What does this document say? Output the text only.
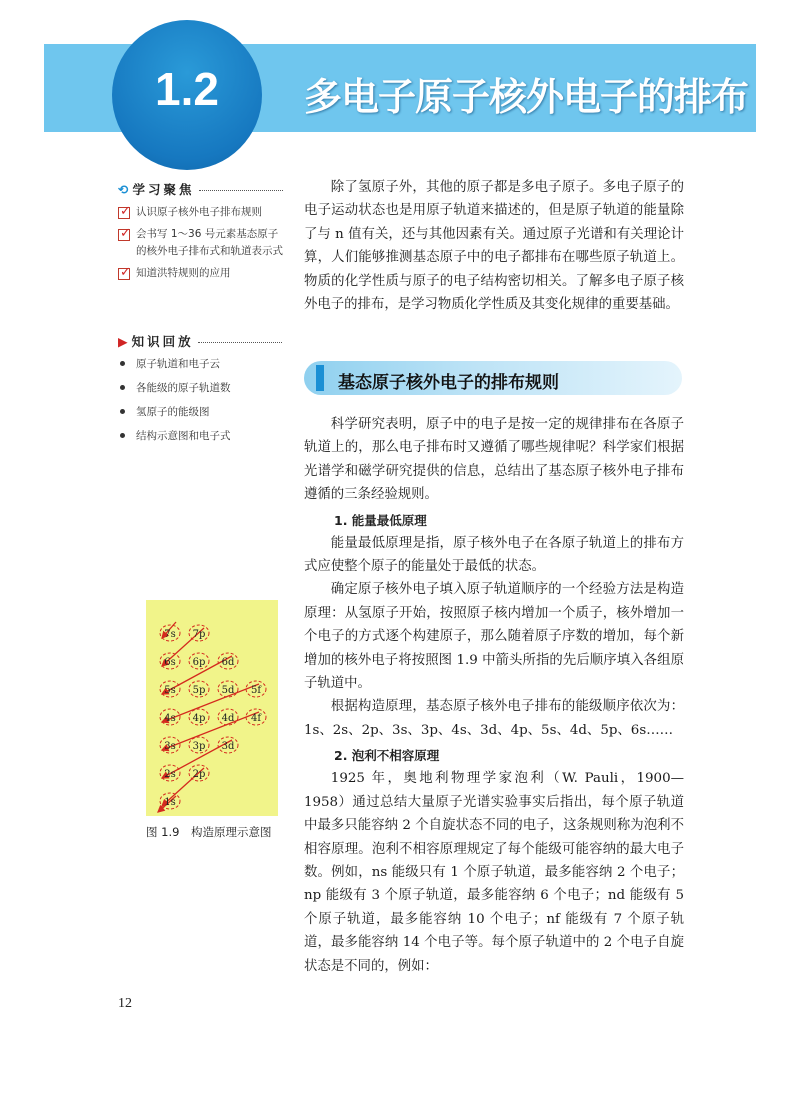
1.2	多电子原子核外电子的排布
⟲ 学习聚焦
✓ 认识原子核外电子排布规则
✓ 会书写 1～36 号元素基态原子的核外电子排布式和轨道表示式
✓ 知道洪特规则的应用
▶ 知识回放
原子轨道和电子云
各能级的原子轨道数
氢原子的能级图
结构示意图和电子式

除了氢原子外，其他的原子都是多电子原子。多电子原子的电子运动状态也是用原子轨道来描述的，但是原子轨道的能量除了与 n 值有关，还与其他因素有关。通过原子光谱和有关理论计算，人们能够推测基态原子中的电子都排布在哪些原子轨道上。物质的化学性质与原子的电子结构密切相关。了解多电子原子核外电子的排布，是学习物质化学性质及其变化规律的重要基础。

基态原子核外电子的排布规则

科学研究表明，原子中的电子是按一定的规律排布在各原子轨道上的，那么电子排布时又遵循了哪些规律呢？科学家们根据光谱学和磁学研究提供的信息，总结出了基态原子核外电子排布遵循的三条经验规则。

1. 能量最低原理

能量最低原理是指，原子核外电子在各原子轨道上的排布方式应使整个原子的能量处于最低的状态。

确定原子核外电子填入原子轨道顺序的一个经验方法是构造原理：从氢原子开始，按照原子核内增加一个质子，核外增加一个电子的方式逐个构建原子，那么随着原子序数的增加，每个新增加的核外电子将按照图 1.9 中箭头所指的先后顺序填入各组原子轨道中。

根据构造原理，基态原子核外电子排布的能级顺序依次为：1s、2s、2p、3s、3p、4s、3d、4p、5s、4d、5p、6s……

2. 泡利不相容原理

1925 年，奥地利物理学家泡利（W. Pauli，1900—1958）通过总结大量原子光谱实验事实后指出，每个原子轨道中最多只能容纳 2 个自旋状态不同的电子，这条规则称为泡利不相容原理。泡利不相容原理规定了每个能级可能容纳的最大电子数。例如，ns 能级只有 1 个原子轨道，最多能容纳 2 个电子；np 能级有 3 个原子轨道，最多能容纳 6 个电子；nd 能级有 5 个原子轨道，最多能容纳 10 个电子；nf 能级有 7 个原子轨道，最多能容纳 14 个电子等。每个原子轨道中的 2 个电子自旋状态是不同的，例如：

7s 7p
6s 6p 6d
5s 5p 5d 5f
4s 4p 4d 4f
3s 3p 3d
2s 2p
1s
图 1.9　构造原理示意图
12
